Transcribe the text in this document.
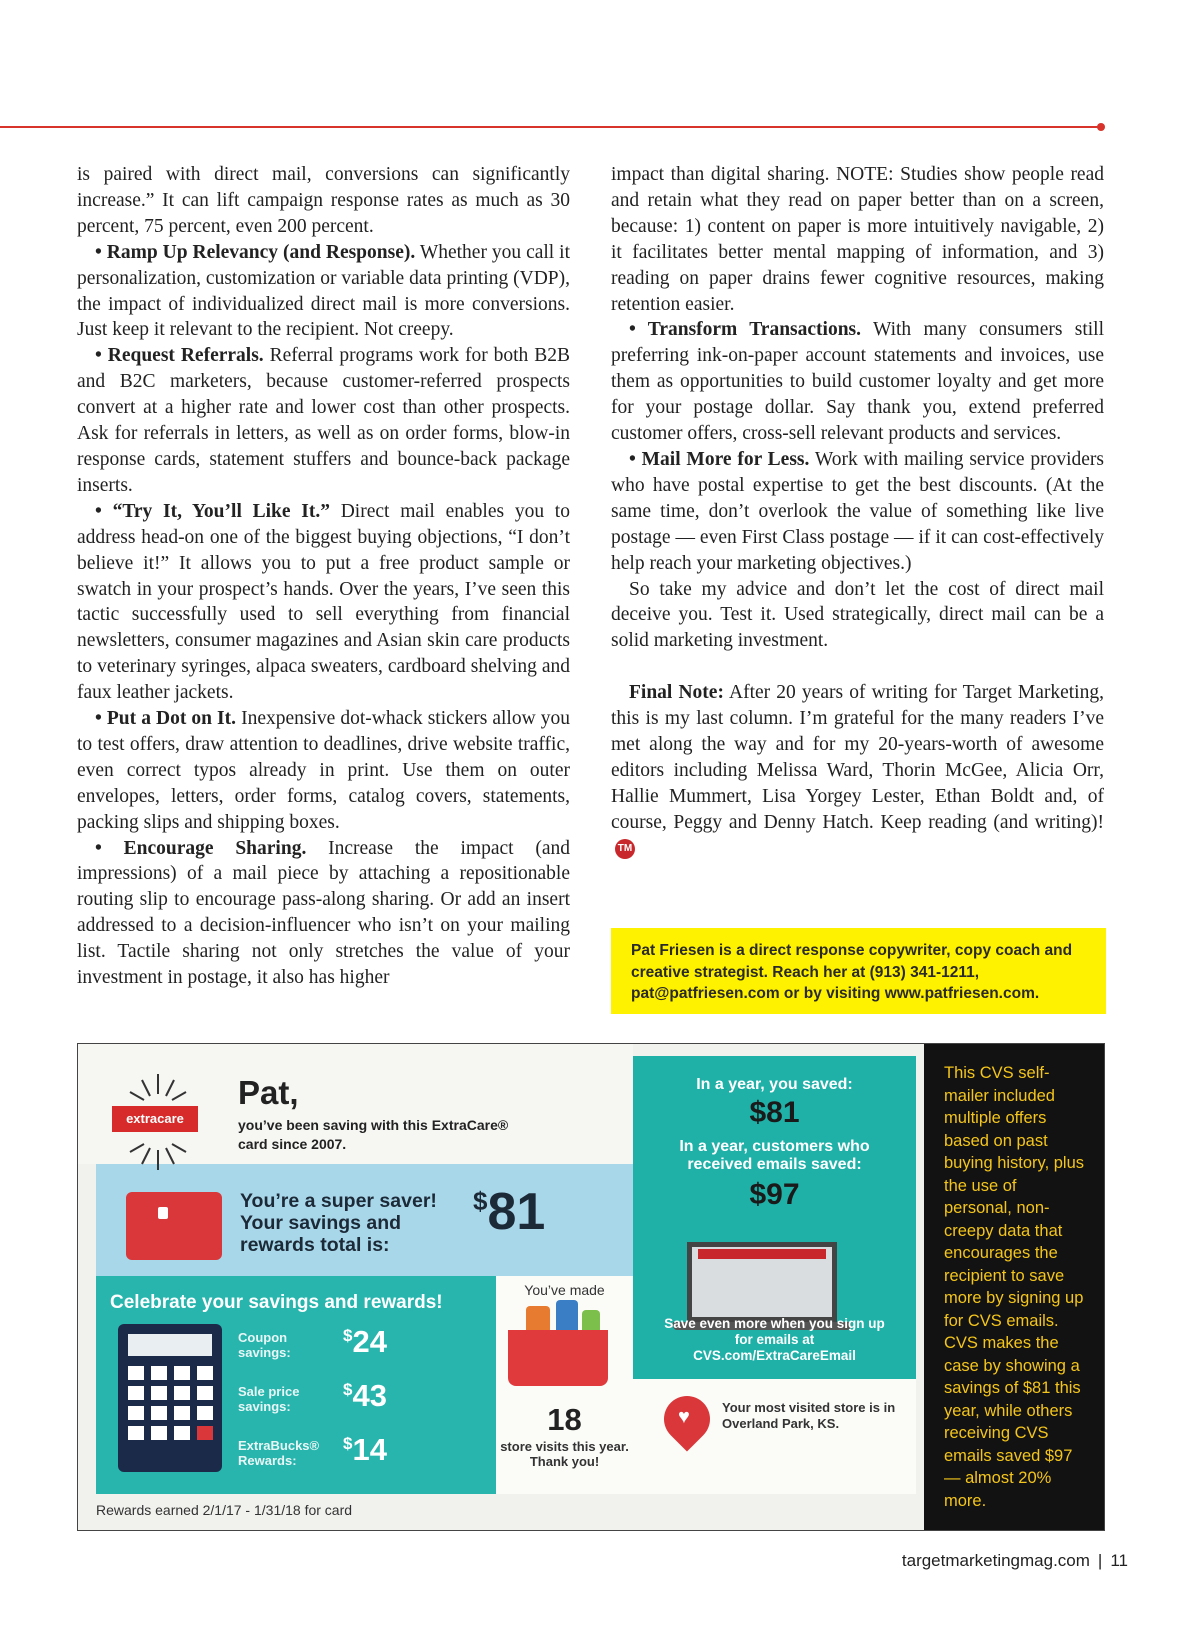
is paired with direct mail, conversions can significantly increase.” It can lift campaign response rates as much as 30 percent, 75 percent, even 200 percent.

• Ramp Up Relevancy (and Response). Whether you call it personalization, customization or variable data printing (VDP), the impact of individualized direct mail is more conversions. Just keep it relevant to the recipient. Not creepy.

• Request Referrals. Referral programs work for both B2B and B2C marketers, because customer-referred prospects convert at a higher rate and lower cost than other prospects. Ask for referrals in letters, as well as on order forms, blow-in response cards, statement stuffers and bounce-back package inserts.

• “Try It, You’ll Like It.” Direct mail enables you to address head-on one of the biggest buying objections, “I don’t believe it!” It allows you to put a free product sample or swatch in your prospect’s hands. Over the years, I’ve seen this tactic successfully used to sell everything from financial newsletters, consumer magazines and Asian skin care products to veterinary syringes, alpaca sweaters, cardboard shelving and faux leather jackets.

• Put a Dot on It. Inexpensive dot-whack stickers allow you to test offers, draw attention to deadlines, drive website traffic, even correct typos already in print. Use them on outer envelopes, letters, order forms, catalog covers, statements, packing slips and shipping boxes.

• Encourage Sharing. Increase the impact (and impressions) of a mail piece by attaching a repositionable routing slip to encourage pass-along sharing. Or add an insert addressed to a decision-influencer who isn’t on your mailing list. Tactile sharing not only stretches the value of your investment in postage, it also has higher

impact than digital sharing. NOTE: Studies show people read and retain what they read on paper better than on a screen, because: 1) content on paper is more intuitively navigable, 2) it facilitates better mental mapping of information, and 3) reading on paper drains fewer cognitive resources, making retention easier.

• Transform Transactions. With many consumers still preferring ink-on-paper account statements and invoices, use them as opportunities to build customer loyalty and get more for your postage dollar. Say thank you, extend preferred customer offers, cross-sell relevant products and services.

• Mail More for Less. Work with mailing service providers who have postal expertise to get the best discounts. (At the same time, don’t overlook the value of something like live postage — even First Class postage — if it can cost-effectively help reach your marketing objectives.)

So take my advice and don’t let the cost of direct mail deceive you. Test it. Used strategically, direct mail can be a solid marketing investment.

Final Note: After 20 years of writing for Target Marketing, this is my last column. I’m grateful for the many readers I’ve met along the way and for my 20-years-worth of awesome editors including Melissa Ward, Thorin McGee, Alicia Orr, Hallie Mummert, Lisa Yorgey Lester, Ethan Boldt and, of course, Peggy and Denny Hatch. Keep reading (and writing)!TM

Pat Friesen is a direct response copywriter, copy coach and creative strategist. Reach her at (913) 341-1211, pat@patfriesen.com or by visiting www.patfriesen.com.
extracare
Pat,
you’ve been saving with this ExtraCare® card since 2007.
You’re a super saver! Your savings and rewards total is:
$81
Celebrate your savings and rewards!
Coupon savings:
$24
Sale price savings:
$43
ExtraBucks® Rewards:
$14
You’ve made
18
store visits this year. Thank you!
In a year, you saved:
$81
In a year, customers who received emails saved:
$97
Save even more when you sign up for emails at CVS.com/ExtraCareEmail
♥ Your most visited store is in Overland Park, KS.
Rewards earned 2/1/17 - 1/31/18 for card
This CVS self-mailer included multiple offers based on past buying history, plus the use of personal, non-creepy data that encourages the recipient to save more by signing up for CVS emails. CVS makes the case by showing a savings of $81 this year, while others receiving CVS emails saved $97 — almost 20% more.
targetmarketingmag.com | 11
